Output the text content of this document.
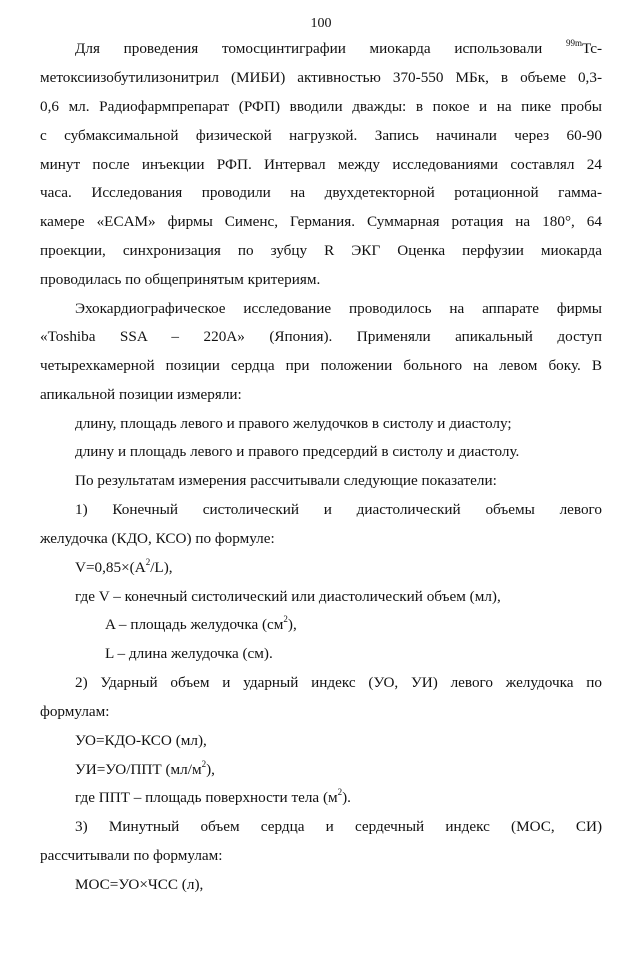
100
Для проведения томосцинтиграфии миокарда использовали $^{99m}$Tc-
метоксиизобутилизонитрил (МИБИ) активностью 370-550 МБк, в объеме 0,3-
0,6 мл. Радиофармпрепарат (РФП) вводили дважды: в покое и на пике пробы
с субмаксимальной физической нагрузкой. Запись начинали через 60-90
минут после инъекции РФП. Интервал между исследованиями составлял 24
часа. Исследования проводили на двухдетекторной ротационной гамма-
камере «ECAM» фирмы Сименс, Германия. Суммарная ротация на 180°, 64
проекции, синхронизация по зубцу R ЭКГ Оценка перфузии миокарда
проводилась по общепринятым критериям.
Эхокардиографическое исследование проводилось на аппарате фирмы
«Toshiba SSA – 220A» (Япония). Применяли апикальный доступ
четырехкамерной позиции сердца при положении больного на левом боку. В
апикальной позиции измеряли:
длину, площадь левого и правого желудочков в систолу и диастолу;
длину и площадь левого и правого предсердий в систолу и диастолу.
По результатам измерения рассчитывали следующие показатели:
1) Конечный систолический и диастолический объемы левого
желудочка (КДО, КСО) по формуле:
$V=0,85\times(A^2/L)$,
где V – конечный систолический или диастолический объем (мл),
A – площадь желудочка $(см^2)$,
L – длина желудочка (см).
2) Ударный объем и ударный индекс (УО, УИ) левого желудочка по
формулам:
УО=КДО-КСО (мл),
УИ=УО/ППТ $(мл/м^2)$,
где ППТ – площадь поверхности тела $(м^2)$.
3) Минутный объем сердца и сердечный индекс (МОС, СИ)
рассчитывали по формулам:
МОС=УО×ЧСС (л),
